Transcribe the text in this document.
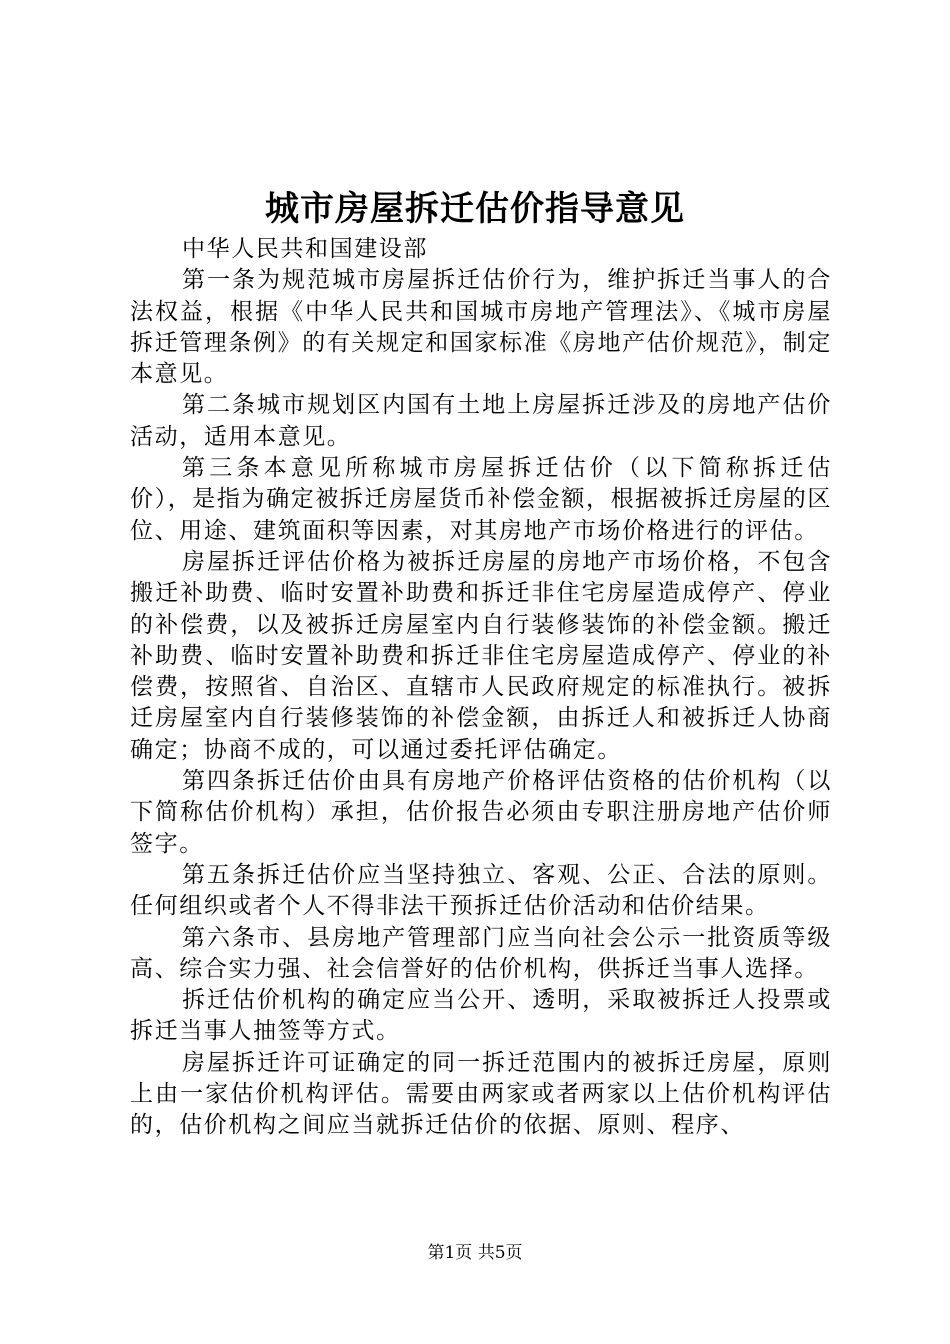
城市房屋拆迁估价指导意见

中华人民共和国建设部

第一条为规范城市房屋拆迁估价行为，维护拆迁当事人的合法权益，根据《中华人民共和国城市房地产管理法》、《城市房屋拆迁管理条例》的有关规定和国家标准《房地产估价规范》，制定本意见。

第二条城市规划区内国有土地上房屋拆迁涉及的房地产估价活动，适用本意见。

第三条本意见所称城市房屋拆迁估价（以下简称拆迁估价），是指为确定被拆迁房屋货币补偿金额，根据被拆迁房屋的区位、用途、建筑面积等因素，对其房地产市场价格进行的评估。

房屋拆迁评估价格为被拆迁房屋的房地产市场价格，不包含搬迁补助费、临时安置补助费和拆迁非住宅房屋造成停产、停业的补偿费，以及被拆迁房屋室内自行装修装饰的补偿金额。搬迁补助费、临时安置补助费和拆迁非住宅房屋造成停产、停业的补偿费，按照省、自治区、直辖市人民政府规定的标准执行。被拆迁房屋室内自行装修装饰的补偿金额，由拆迁人和被拆迁人协商确定；协商不成的，可以通过委托评估确定。

第四条拆迁估价由具有房地产价格评估资格的估价机构（以下简称估价机构）承担，估价报告必须由专职注册房地产估价师签字。

第五条拆迁估价应当坚持独立、客观、公正、合法的原则。任何组织或者个人不得非法干预拆迁估价活动和估价结果。

第六条市、县房地产管理部门应当向社会公示一批资质等级高、综合实力强、社会信誉好的估价机构，供拆迁当事人选择。

拆迁估价机构的确定应当公开、透明，采取被拆迁人投票或拆迁当事人抽签等方式。

房屋拆迁许可证确定的同一拆迁范围内的被拆迁房屋，原则上由一家估价机构评估。需要由两家或者两家以上估价机构评估的，估价机构之间应当就拆迁估价的依据、原则、程序、

第1页 共5页
